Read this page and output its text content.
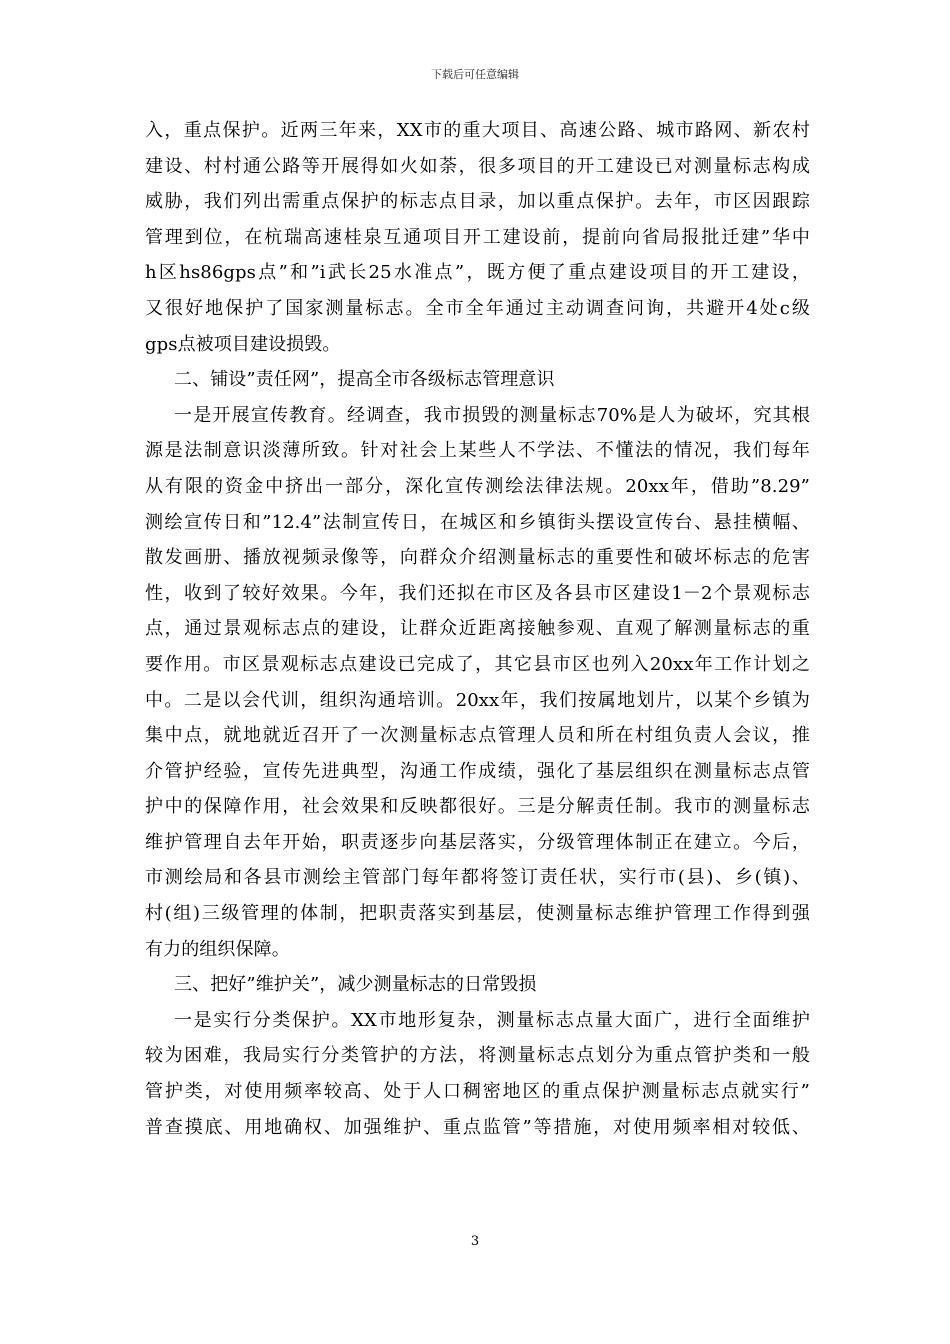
下载后可任意编辑
入，重点保护。近两三年来，XX市的重大项目、高速公路、城市路网、新农村
建设、村村通公路等开展得如火如荼，很多项目的开工建设已对测量标志构成
威胁，我们列出需重点保护的标志点目录，加以重点保护。去年，市区因跟踪
管理到位，在杭瑞高速桂泉互通项目开工建设前，提前向省局报批迁建”华中
h区hs86gps点”和”i武长25水准点”，既方便了重点建设项目的开工建设，
又很好地保护了国家测量标志。全市全年通过主动调查问询，共避开4处c级
gps点被项目建设损毁。
二、铺设”责任网”，提高全市各级标志管理意识
一是开展宣传教育。经调查，我市损毁的测量标志70%是人为破坏，究其根
源是法制意识淡薄所致。针对社会上某些人不学法、不懂法的情况，我们每年
从有限的资金中挤出一部分，深化宣传测绘法律法规。20xx年，借助”8.29”
测绘宣传日和”12.4”法制宣传日，在城区和乡镇街头摆设宣传台、悬挂横幅、
散发画册、播放视频录像等，向群众介绍测量标志的重要性和破坏标志的危害
性，收到了较好效果。今年，我们还拟在市区及各县市区建设1－2个景观标志
点，通过景观标志点的建设，让群众近距离接触参观、直观了解测量标志的重
要作用。市区景观标志点建设已完成了，其它县市区也列入20xx年工作计划之
中。二是以会代训，组织沟通培训。20xx年，我们按属地划片，以某个乡镇为
集中点，就地就近召开了一次测量标志点管理人员和所在村组负责人会议，推
介管护经验，宣传先进典型，沟通工作成绩，强化了基层组织在测量标志点管
护中的保障作用，社会效果和反映都很好。三是分解责任制。我市的测量标志
维护管理自去年开始，职责逐步向基层落实，分级管理体制正在建立。今后，
市测绘局和各县市测绘主管部门每年都将签订责任状，实行市(县)、乡(镇)、
村(组)三级管理的体制，把职责落实到基层，使测量标志维护管理工作得到强
有力的组织保障。
三、把好”维护关”，减少测量标志的日常毁损
一是实行分类保护。XX市地形复杂，测量标志点量大面广，进行全面维护
较为困难，我局实行分类管护的方法，将测量标志点划分为重点管护类和一般
管护类，对使用频率较高、处于人口稠密地区的重点保护测量标志点就实行”
普查摸底、用地确权、加强维护、重点监管”等措施，对使用频率相对较低、
3
